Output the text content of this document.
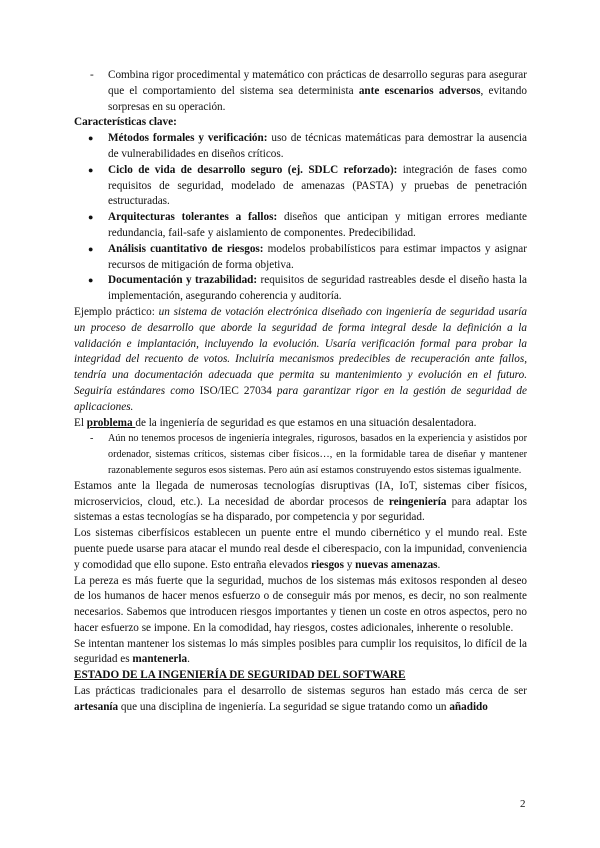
- Combina rigor procedimental y matemático con prácticas de desarrollo seguras para asegurar que el comportamiento del sistema sea determinista ante escenarios adversos, evitando sorpresas en su operación.

Características clave:

● Métodos formales y verificación: uso de técnicas matemáticas para demostrar la ausencia de vulnerabilidades en diseños críticos.

● Ciclo de vida de desarrollo seguro (ej. SDLC reforzado): integración de fases como requisitos de seguridad, modelado de amenazas (PASTA) y pruebas de penetración estructuradas.

● Arquitecturas tolerantes a fallos: diseños que anticipan y mitigan errores mediante redundancia, fail-safe y aislamiento de componentes. Predecibilidad.

● Análisis cuantitativo de riesgos: modelos probabilísticos para estimar impactos y asignar recursos de mitigación de forma objetiva.

● Documentación y trazabilidad: requisitos de seguridad rastreables desde el diseño hasta la implementación, asegurando coherencia y auditoría.

Ejemplo práctico: un sistema de votación electrónica diseñado con ingeniería de seguridad usaría un proceso de desarrollo que aborde la seguridad de forma integral desde la definición a la validación e implantación, incluyendo la evolución. Usaría verificación formal para probar la integridad del recuento de votos. Incluiría mecanismos predecibles de recuperación ante fallos, tendría una documentación adecuada que permita su mantenimiento y evolución en el futuro. Seguiría estándares como ISO/IEC 27034 para garantizar rigor en la gestión de seguridad de aplicaciones.

El problema de la ingeniería de seguridad es que estamos en una situación desalentadora.

- Aún no tenemos procesos de ingeniería integrales, rigurosos, basados en la experiencia y asistidos por ordenador, sistemas críticos, sistemas ciber físicos…, en la formidable tarea de diseñar y mantener razonablemente seguros esos sistemas. Pero aún así estamos construyendo estos sistemas igualmente.

Estamos ante la llegada de numerosas tecnologías disruptivas (IA, IoT, sistemas ciber físicos, microservicios, cloud, etc.). La necesidad de abordar procesos de reingeniería para adaptar los sistemas a estas tecnologías se ha disparado, por competencia y por seguridad.

Los sistemas ciberfísicos establecen un puente entre el mundo cibernético y el mundo real. Este puente puede usarse para atacar el mundo real desde el ciberespacio, con la impunidad, conveniencia y comodidad que ello supone. Esto entraña elevados riesgos y nuevas amenazas.

La pereza es más fuerte que la seguridad, muchos de los sistemas más exitosos responden al deseo de los humanos de hacer menos esfuerzo o de conseguir más por menos, es decir, no son realmente necesarios. Sabemos que introducen riesgos importantes y tienen un coste en otros aspectos, pero no hacer esfuerzo se impone. En la comodidad, hay riesgos, costes adicionales, inherente o resoluble.

Se intentan mantener los sistemas lo más simples posibles para cumplir los requisitos, lo difícil de la seguridad es mantenerla.

ESTADO DE LA INGENIERÍA DE SEGURIDAD DEL SOFTWARE

Las prácticas tradicionales para el desarrollo de sistemas seguros han estado más cerca de ser artesanía que una disciplina de ingeniería. La seguridad se sigue tratando como un añadido

2
